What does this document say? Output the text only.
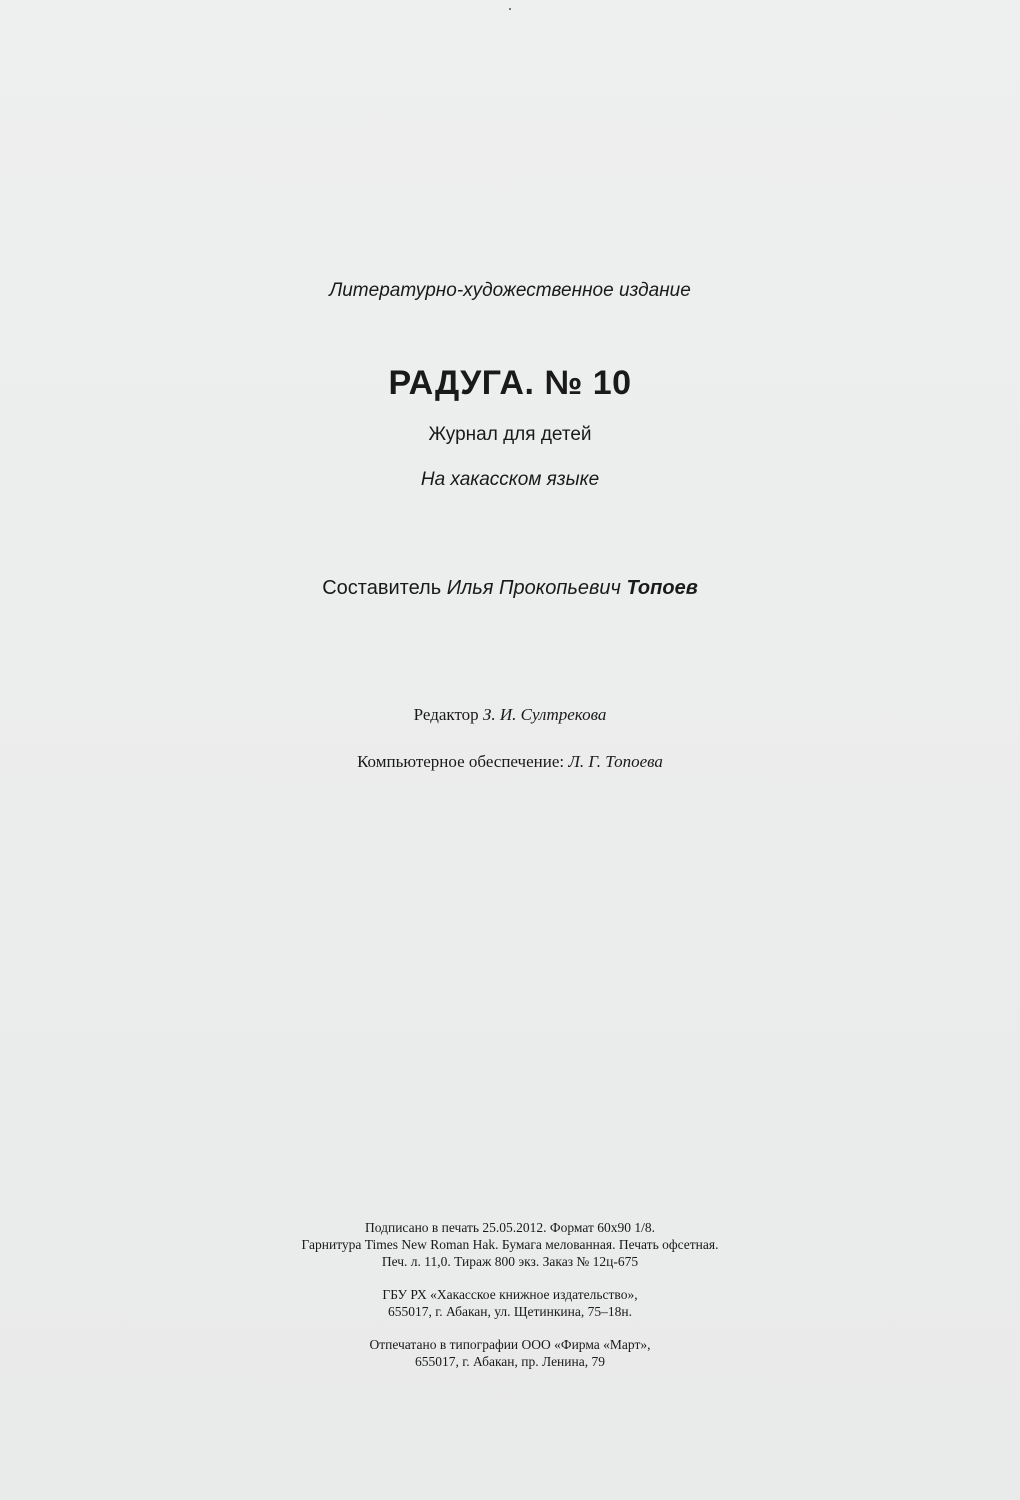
Литературно-художественное издание
РАДУГА. № 10
Журнал для детей
На хакасском языке
Составитель Илья Прокопьевич Топоев
Редактор З. И. Султрекова
Компьютерное обеспечение: Л. Г. Топоева
Подписано в печать 25.05.2012. Формат 60х90 1/8.
Гарнитура Times New Roman Hak. Бумага мелованная. Печать офсетная.
Печ. л. 11,0. Тираж 800 экз. Заказ № 12ц-675
ГБУ РХ «Хакасское книжное издательство»,
655017, г. Абакан, ул. Щетинкина, 75–18н.
Отпечатано в типографии ООО «Фирма «Март»,
655017, г. Абакан, пр. Ленина, 79
